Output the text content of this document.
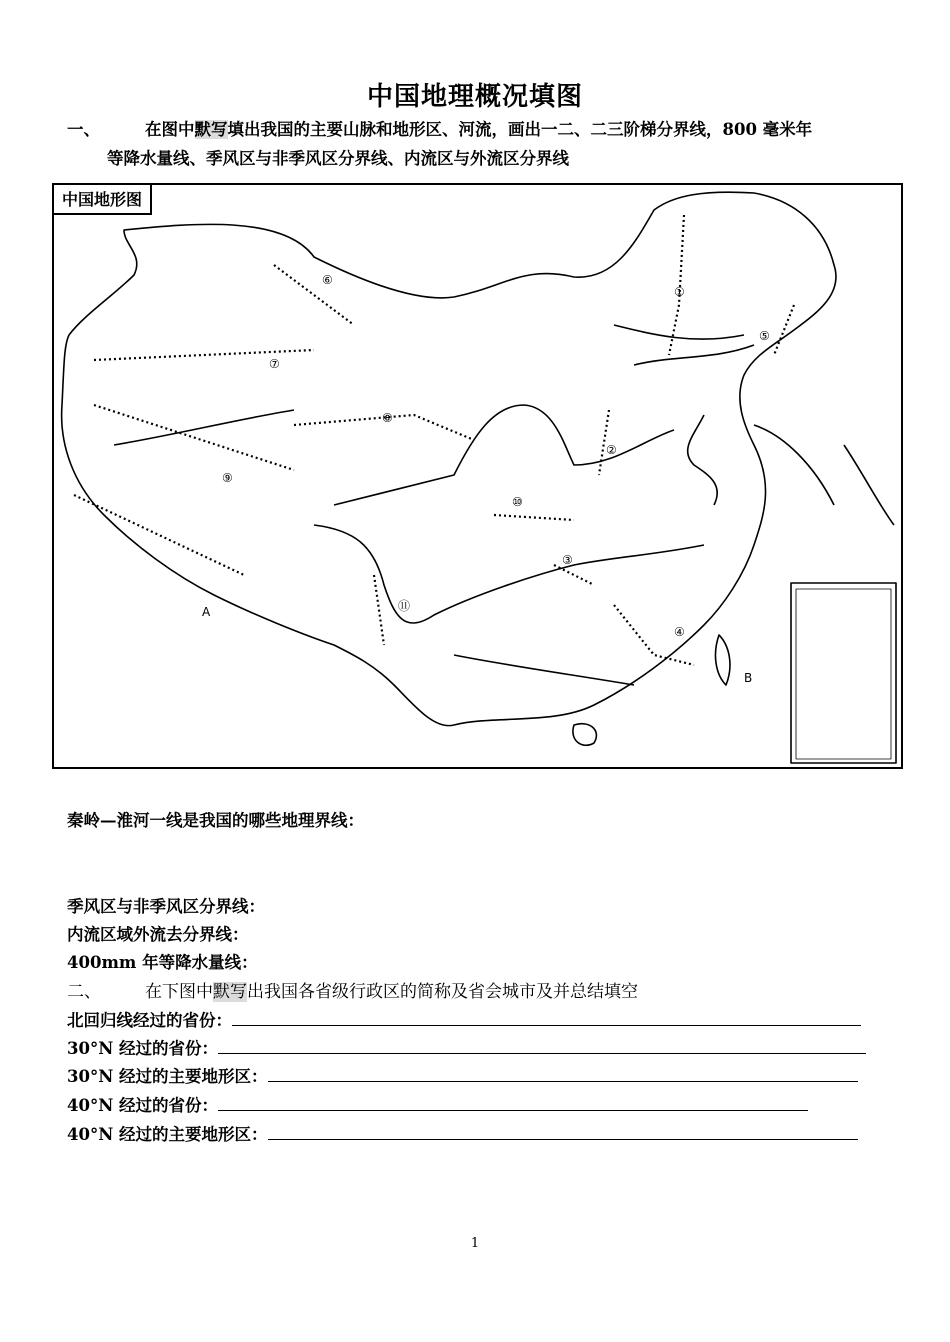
中国地理概况填图
一、	在图中默写填出我国的主要山脉和地形区、河流，画出一二、二三阶梯分界线，800 毫米年
等降水量线、季风区与非季风区分界线、内流区与外流区分界线
中国地形图
①
②
③
④
⑤
⑥
⑦
⑧
⑨
⑩
⑪
A
B
秦岭—淮河一线是我国的哪些地理界线：
季风区与非季风区分界线：
内流区域外流去分界线：
400mm 年等降水量线：
二、	在下图中默写出我国各省级行政区的简称及省会城市及并总结填空
北回归线经过的省份：
30°N 经过的省份：
30°N 经过的主要地形区：
40°N 经过的省份：
40°N 经过的主要地形区：
1
